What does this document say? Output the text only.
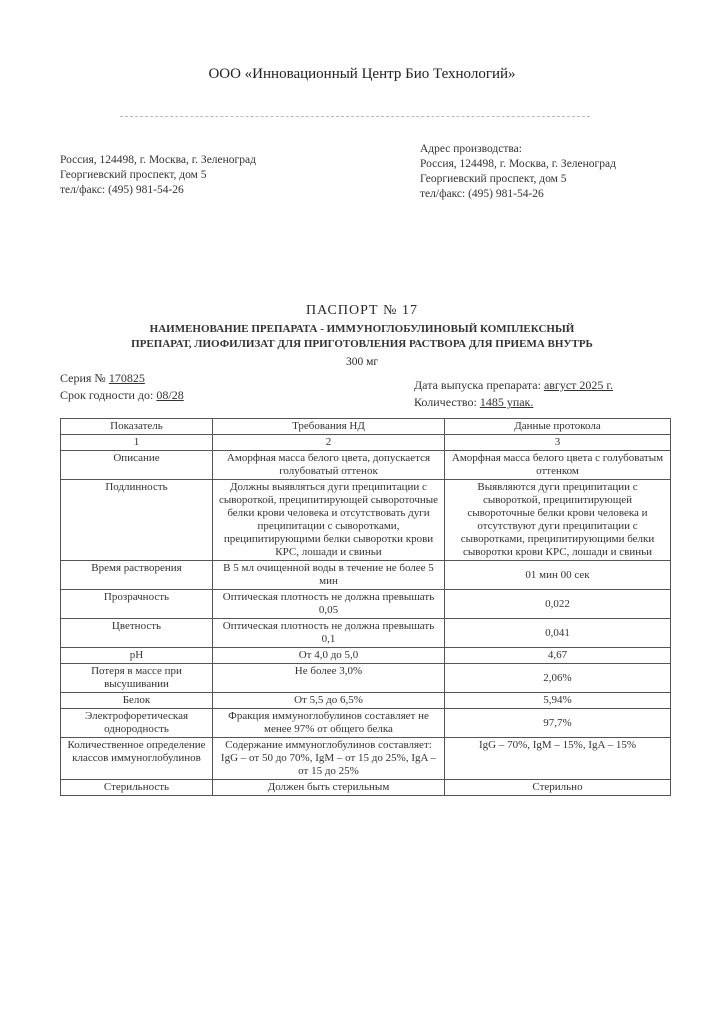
ООО «Инновационный Центр Био Технологий»
Россия, 124498, г. Москва, г. Зеленоград
Георгиевский проспект, дом 5
тел/факс: (495) 981-54-26
Адрес производства:
Россия, 124498, г. Москва, г. Зеленоград
Георгиевский проспект, дом 5
тел/факс: (495) 981-54-26
ПАСПОРТ № 17
НАИМЕНОВАНИЕ ПРЕПАРАТА - ИММУНОГЛОБУЛИНОВЫЙ КОМПЛЕКСНЫЙ
ПРЕПАРАТ, ЛИОФИЛИЗАТ ДЛЯ ПРИГОТОВЛЕНИЯ РАСТВОРА ДЛЯ ПРИЕМА ВНУТРЬ
300 мг
Серия № 170825
Срок годности до: 08/28
Дата выпуска препарата: август 2025 г.
Количество: 1485 упак.
Показатель	Требования НД	Данные протокола
1	2	3
Описание	Аморфная масса белого цвета, допускается голубоватый оттенок	Аморфная масса белого цвета с голубоватым оттенком
Подлинность	Должны выявляться дуги преципитации с сывороткой, преципитирующей сывороточные белки крови человека и отсутствовать дуги преципитации с сыворотками, преципитирующими белки сыворотки крови КРС, лошади и свиньи	Выявляются дуги преципитации с сывороткой, преципитирующей сывороточные белки крови человека и отсутствуют дуги преципитации с сыворотками, преципитирующими белки сыворотки крови КРС, лошади и свиньи
Время растворения	В 5 мл очищенной воды в течение не более 5 мин	01 мин 00 сек
Прозрачность	Оптическая плотность не должна превышать 0,05	0,022
Цветность	Оптическая плотность не должна превышать 0,1	0,041
pH	От 4,0 до 5,0	4,67
Потеря в массе при высушивании	Не более 3,0%	2,06%
Белок	От 5,5 до 6,5%	5,94%
Электрофоретическая однородность	Фракция иммуноглобулинов составляет не менее 97% от общего белка	97,7%
Количественное определение классов иммуноглобулинов	Содержание иммуноглобулинов составляет: IgG – от 50 до 70%, IgM – от 15 до 25%, IgA – от 15 до 25%	IgG – 70%, IgM – 15%, IgA – 15%
Стерильность	Должен быть стерильным	Стерильно
